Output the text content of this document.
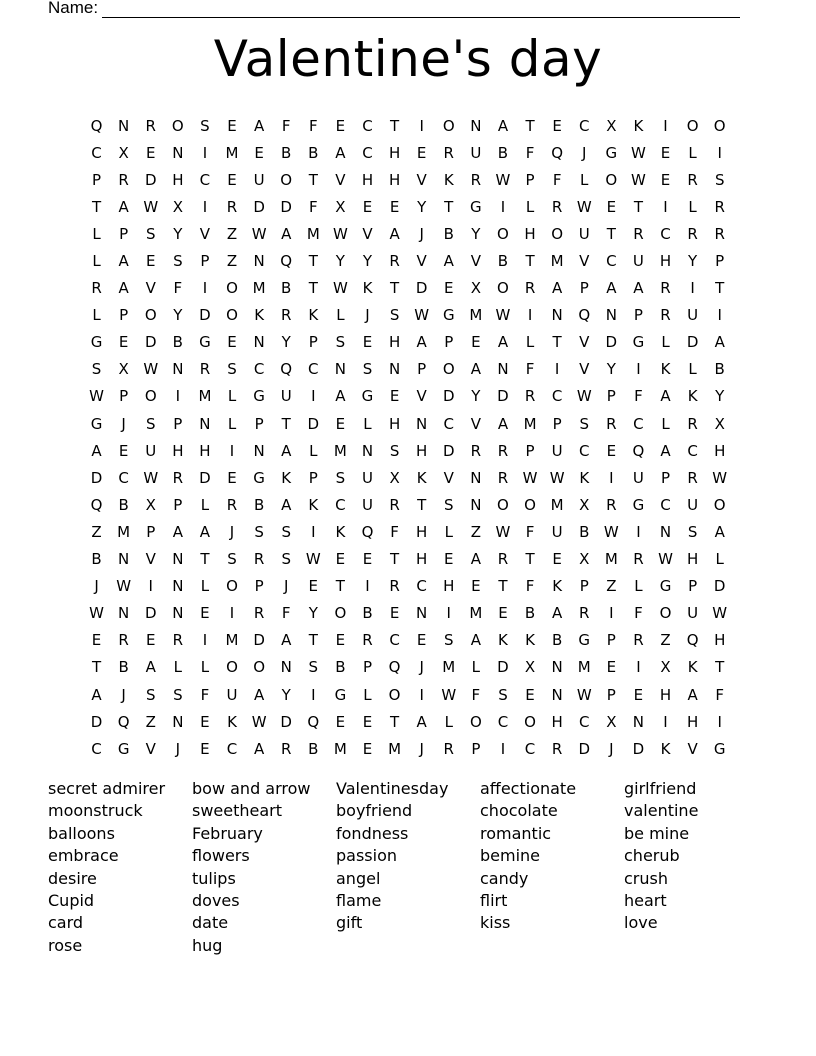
Name:
Valentine's day
Q	N	R	O	S	E	A	F	F	E	C	T	I	O	N	A	T	E	C	X	K	I	O	O
C	X	E	N	I	M	E	B	B	A	C	H	E	R	U	B	F	Q	J	G W E	L	I
P	R	D	H	C	E	U	O	T	V	H	H	V	K	R W	P	F	L	O W E	R	S
T	A W X	I	R	D	D	F	X	E	E	Y	T	G	I	L	R W E	T	I	L	R
L	P	S	Y	V	Z W A	M W V	A	J	B	Y	O	H	O	U	T	R	C	R	R
L	A	E	S	P	Z	N	Q	T	Y	Y	R	V	A	V	B	T	M	V	C	U	H	Y	P
R	A	V	F	I	O M	B	T	W K	T	D	E	X	O	R	A	P	A	A	R	I	T
L	P	O	Y	D	O	K	R	K	L	J	S W G M W	I	N	Q	N	P	R	U	I
G	E	D	B	G	E	N	Y	P	S	E	H	A	P	E	A	L	T	V	D	G	L	D	A
S	X W N	R	S	C	Q	C	N	S	N	P	O	A	N	F	I	V	Y	I	K	L	B
W	P	O	I	M	L	G	U	I	A	G	E	V	D	Y	D	R	C W	P	F	A	K	Y
G	J	S	P	N	L	P	T	D	E	L	H	N	C	V	A	M	P	S	R	C	L	R	X
A	E	U	H	H	I	N	A	L	M	N	S	H	D	R	R	P	U	C	E	Q	A	C	H
D	C W R	D	E	G	K	P	S	U	X	K	V	N	R W W K	I	U	P	R W
Q	B	X	P	L	R	B	A	K	C	U	R	T	S	N	O	O M	X	R	G	C	U	O
Z	M	P	A	A	J	S	S	I	K	Q	F	H	L	Z W	F	U	B W	I	N	S	A
B	N	V	N	T	S	R	S W E	E	T	H	E	A	R	T	E	X	M	R W H	L
J	W	I	N	L	O	P	J	E	T	I	R	C	H	E	T	F	K	P	Z	L	G	P	D
W N	D	N	E	I	R	F	Y	O	B	E	N	I	M	E	B	A	R	I	F	O	U W
E	R	E	R	I	M D	A	T	E	R	C	E	S	A	K	K	B	G	P	R	Z	Q	H
T	B	A	L	L	O	O	N	S	B	P	Q	J	M	L	D	X	N	M	E	I	X	K	T
A	J	S	S	F	U	A	Y	I	G	L	O	I	W	F	S	E	N W	P	E	H	A	F
D	Q	Z	N	E	K W D	Q	E	E	T	A	L	O	C	O	H	C	X	N	I	H	I
C	G	V	J	E	C	A	R	B	M	E	M	J	R	P	I	C	R	D	J	D	K	V	G
secret admirer
moonstruck
balloons
embrace
desire
Cupid
card
rose
bow and arrow
sweetheart
February
flowers
tulips
doves
date
hug
Valentinesday
boyfriend
fondness
passion
angel
flame
gift
affectionate
chocolate
romantic
bemine
candy
flirt
kiss
girlfriend
valentine
be mine
cherub
crush
heart
love
